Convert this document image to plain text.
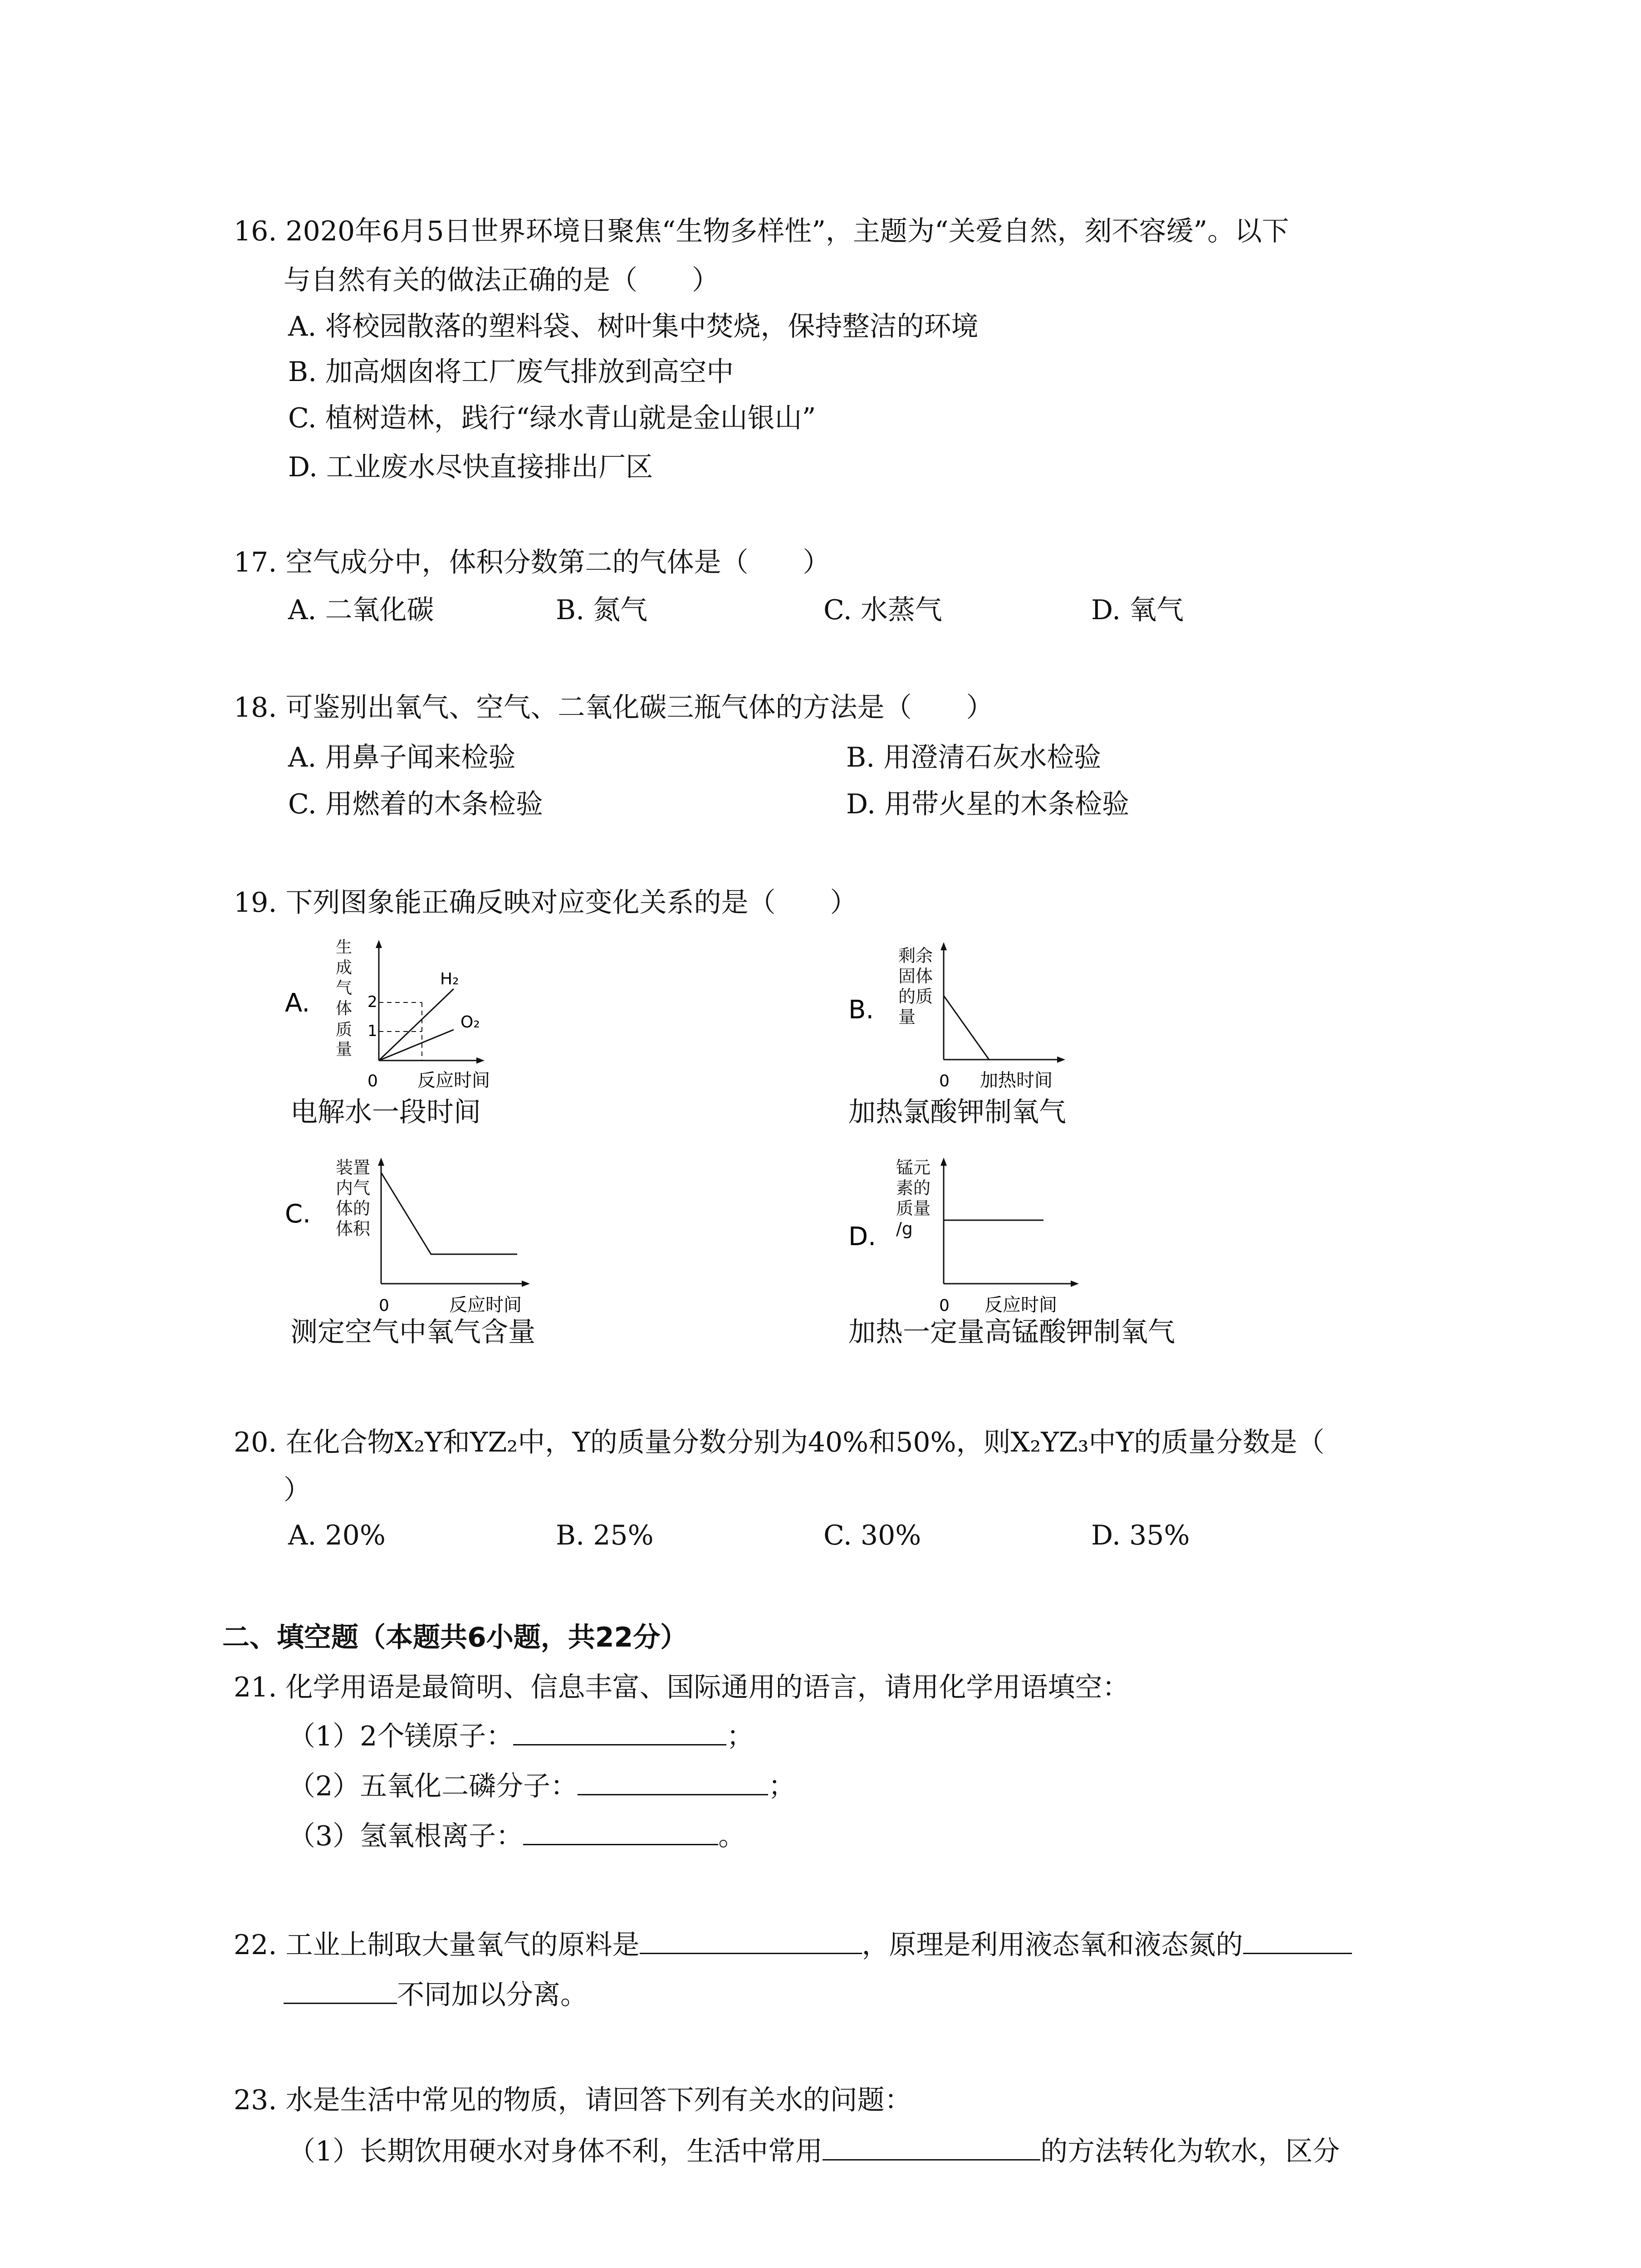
16. 2020年6月5日世界环境日聚焦“生物多样性”，主题为“关爱自然，刻不容缓”。以下
与自然有关的做法正确的是（　　）
A. 将校园散落的塑料袋、树叶集中焚烧，保持整洁的环境
B. 加高烟囱将工厂废气排放到高空中
C. 植树造林，践行“绿水青山就是金山银山”
D. 工业废水尽快直接排出厂区
17. 空气成分中，体积分数第二的气体是（　　）
A. 二氧化碳	B. 氮气	C. 水蒸气	D. 氧气
18. 可鉴别出氧气、空气、二氧化碳三瓶气体的方法是（　　）
A. 用鼻子闻来检验	B. 用澄清石灰水检验
C. 用燃着的木条检验	D. 用带火星的木条检验
19. 下列图象能正确反映对应变化关系的是（　　）
A.
生
成
气
体
质
量
2
1
H₂
O₂
0 反应时间
电解水一段时间
B.
剩余
固体
的质
量
0 加热时间
加热氯酸钾制氧气
C.
装置
内气
体的
体积
0	反应时间
测定空气中氧气含量
D.
锰元
素的
质量
/g
0 反应时间
加热一定量高锰酸钾制氧气
20. 在化合物X₂Y和YZ₂中，Y的质量分数分别为40%和50%，则X₂YZ₃中Y的质量分数是（
）
A. 20%	B. 25%	C. 30%	D. 35%
二、填空题（本题共6小题，共22分）
21. 化学用语是最简明、信息丰富、国际通用的语言，请用化学用语填空：
（1）2个镁原子：	；
（2）五氧化二磷分子：	；
（3）氢氧根离子：	。
22. 工业上制取大量氧气的原料是	，原理是利用液态氧和液态氮的
不同加以分离。
23. 水是生活中常见的物质，请回答下列有关水的问题：
（1）长期饮用硬水对身体不利，生活中常用	的方法转化为软水，区分
